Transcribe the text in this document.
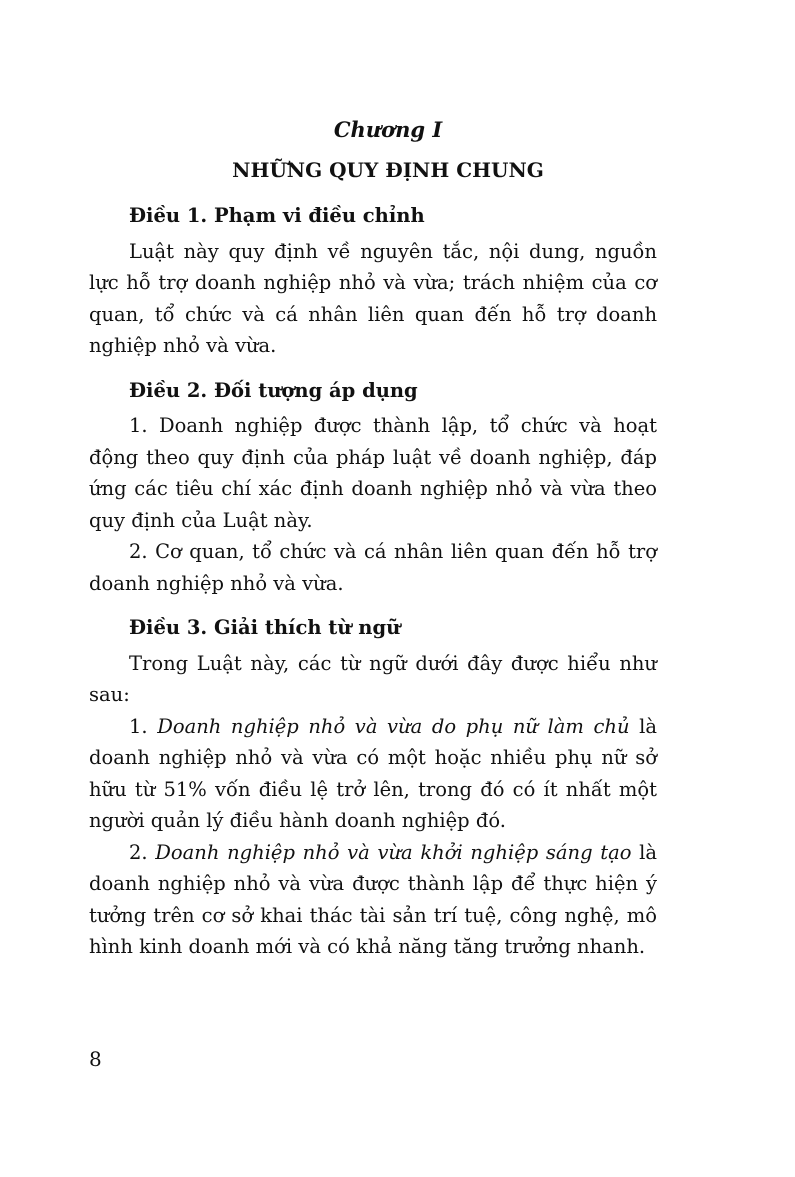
Chương I

NHỮNG QUY ĐỊNH CHUNG

Điều 1. Phạm vi điều chỉnh

Luật này quy định về nguyên tắc, nội dung, nguồn lực hỗ trợ doanh nghiệp nhỏ và vừa; trách nhiệm của cơ quan, tổ chức và cá nhân liên quan đến hỗ trợ doanh nghiệp nhỏ và vừa.

Điều 2. Đối tượng áp dụng

1. Doanh nghiệp được thành lập, tổ chức và hoạt động theo quy định của pháp luật về doanh nghiệp, đáp ứng các tiêu chí xác định doanh nghiệp nhỏ và vừa theo quy định của Luật này.

2. Cơ quan, tổ chức và cá nhân liên quan đến hỗ trợ doanh nghiệp nhỏ và vừa.

Điều 3. Giải thích từ ngữ

Trong Luật này, các từ ngữ dưới đây được hiểu như sau:

1. Doanh nghiệp nhỏ và vừa do phụ nữ làm chủ là doanh nghiệp nhỏ và vừa có một hoặc nhiều phụ nữ sở hữu từ 51% vốn điều lệ trở lên, trong đó có ít nhất một người quản lý điều hành doanh nghiệp đó.

2. Doanh nghiệp nhỏ và vừa khởi nghiệp sáng tạo là doanh nghiệp nhỏ và vừa được thành lập để thực hiện ý tưởng trên cơ sở khai thác tài sản trí tuệ, công nghệ, mô hình kinh doanh mới và có khả năng tăng trưởng nhanh.

8
